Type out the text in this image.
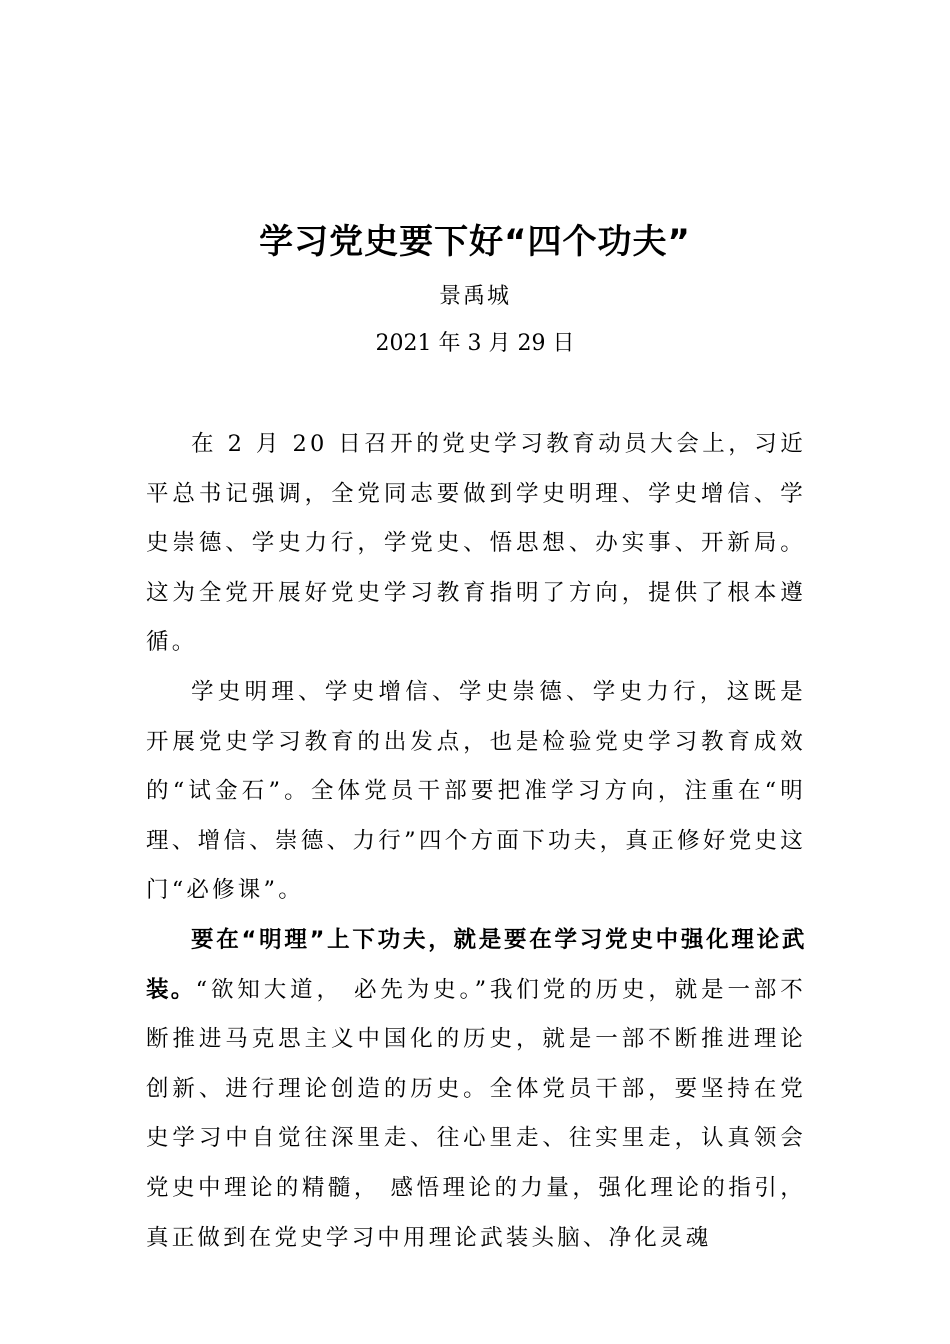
学习党史要下好“四个功夫”
景禹城
2021 年 3 月 29 日

在 2 月 20 日召开的党史学习教育动员大会上，习近平总书记强调，全党同志要做到学史明理、学史增信、学史崇德、学史力行，学党史、悟思想、办实事、开新局。这为全党开展好党史学习教育指明了方向，提供了根本遵循。

学史明理、学史增信、学史崇德、学史力行，这既是开展党史学习教育的出发点，也是检验党史学习教育成效的“试金石”。全体党员干部要把准学习方向，注重在“明理、增信、崇德、力行”四个方面下功夫，真正修好党史这门“必修课”。

要在“明理”上下功夫，就是要在学习党史中强化理论武装。“欲知大道， 必先为史。”我们党的历史，就是一部不断推进马克思主义中国化的历史，就是一部不断推进理论创新、进行理论创造的历史。全体党员干部，要坚持在党史学习中自觉往深里走、往心里走、往实里走，认真领会党史中理论的精髓， 感悟理论的力量，强化理论的指引，真正做到在党史学习中用理论武装头脑、净化灵魂
